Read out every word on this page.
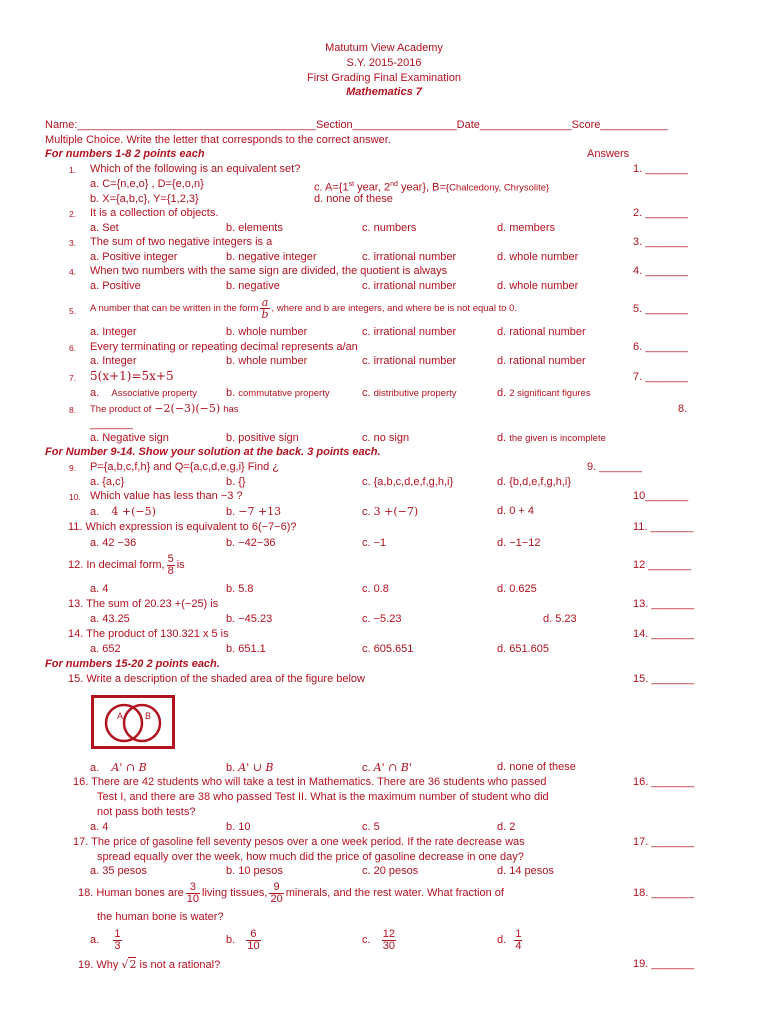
Matutum View Academy
S.Y. 2015-2016
First Grading Final Examination
Mathematics 7
Name:_______________________________________Section_________________Date_______________Score___________
Multiple Choice. Write the letter that corresponds to the correct answer.
For numbers 1-8 2 points each	Answers
1. Which of the following is an equivalent set?	1. _______
a. C={n,e,o} , D={e,o,n}	c. A={1st year, 2nd year}, B={Chalcedony, Chrysolite}
b. X={a,b,c}, Y={1,2,3}	d. none of these
2. It is a collection of objects.	2. _______
a. Set	b. elements	c. numbers	d. members
3. The sum of two negative integers is a	3. _______
a. Positive integer	b. negative integer	c. irrational number	d. whole number
4. When two numbers with the same sign are divided, the quotient is always	4. _______
a. Positive	b. negative	c. irrational number	d. whole number
5. A number that can be written in the form $\frac{a}{b}$ , where and b are integers, and where be is not equal to 0.	5. _______
a. Integer	b. whole number	c. irrational number	d. rational number
6. Every terminating or repeating decimal represents a/an	6. _______
a. Integer	b. whole number	c. irrational number	d. rational number
7. 5(x+1)=5x+5	7. _______
a. Associative property	b. commutative property	c. distributive property	d. 2 significant figures
8. The product of −2(−3)(−5) has	8.
_______
a. Negative sign	b. positive sign	c. no sign	d. the given is incomplete
For Number 9-14. Show your solution at the back. 3 points each.
9. P={a,b,c,f,h} and Q={a,c,d,e,g,i} Find ¿	9. _______
a. {a,c}	b. {}	c. {a,b,c,d,e,f,g,h,i}	d. {b,d,e,f,g,h,i}
10. Which value has less than −3 ?	10_______
a. 4 +(−5)	b. −7 +13	c. 3 +(−7)	d. 0 + 4
11. Which expression is equivalent to 6(−7−6)?	11. _______
a. 42 −36	b. −42−36	c. −1	d. −1−12
12. In decimal form, $\frac{5}{8}$ is	12 _______
a. 4	b. 5.8	c. 0.8	d. 0.625
13. The sum of 20.23 +(−25) is	13. _______
a. 43.25	b. −45.23	c. −5.23	d. 5.23
14. The product of 130.321 x 5 is	14. _______
a. 652	b. 651.1	c. 605.651	d. 651.605
For numbers 15-20 2 points each.
15. Write a description of the shaded area of the figure below	15. _______
A B
a. A' ∩ B	b. A' ∪ B	c. A' ∩ B'	d. none of these
16. There are 42 students who will take a test in Mathematics. There are 36 students who passed	16. _______
Test I, and there are 38 who passed Test II. What is the maximum number of student who did
not pass both tests?
a. 4	b. 10	c. 5	d. 2
17. The price of gasoline fell seventy pesos over a one week period. If the rate decrease was	17. _______
spread equally over the week, how much did the price of gasoline decrease in one day?
a. 35 pesos	b. 10 pesos	c. 20 pesos	d. 14 pesos
18. Human bones are $\frac{3}{10}$ living tissues, $\frac{9}{20}$ minerals, and the rest water. What fraction of	18. _______
the human bone is water?
a. $\frac{1}{3}$	b. $\frac{6}{10}$	c. $\frac{12}{30}$	d. $\frac{1}{4}$
19. Why √2 is not a rational?	19. _______
